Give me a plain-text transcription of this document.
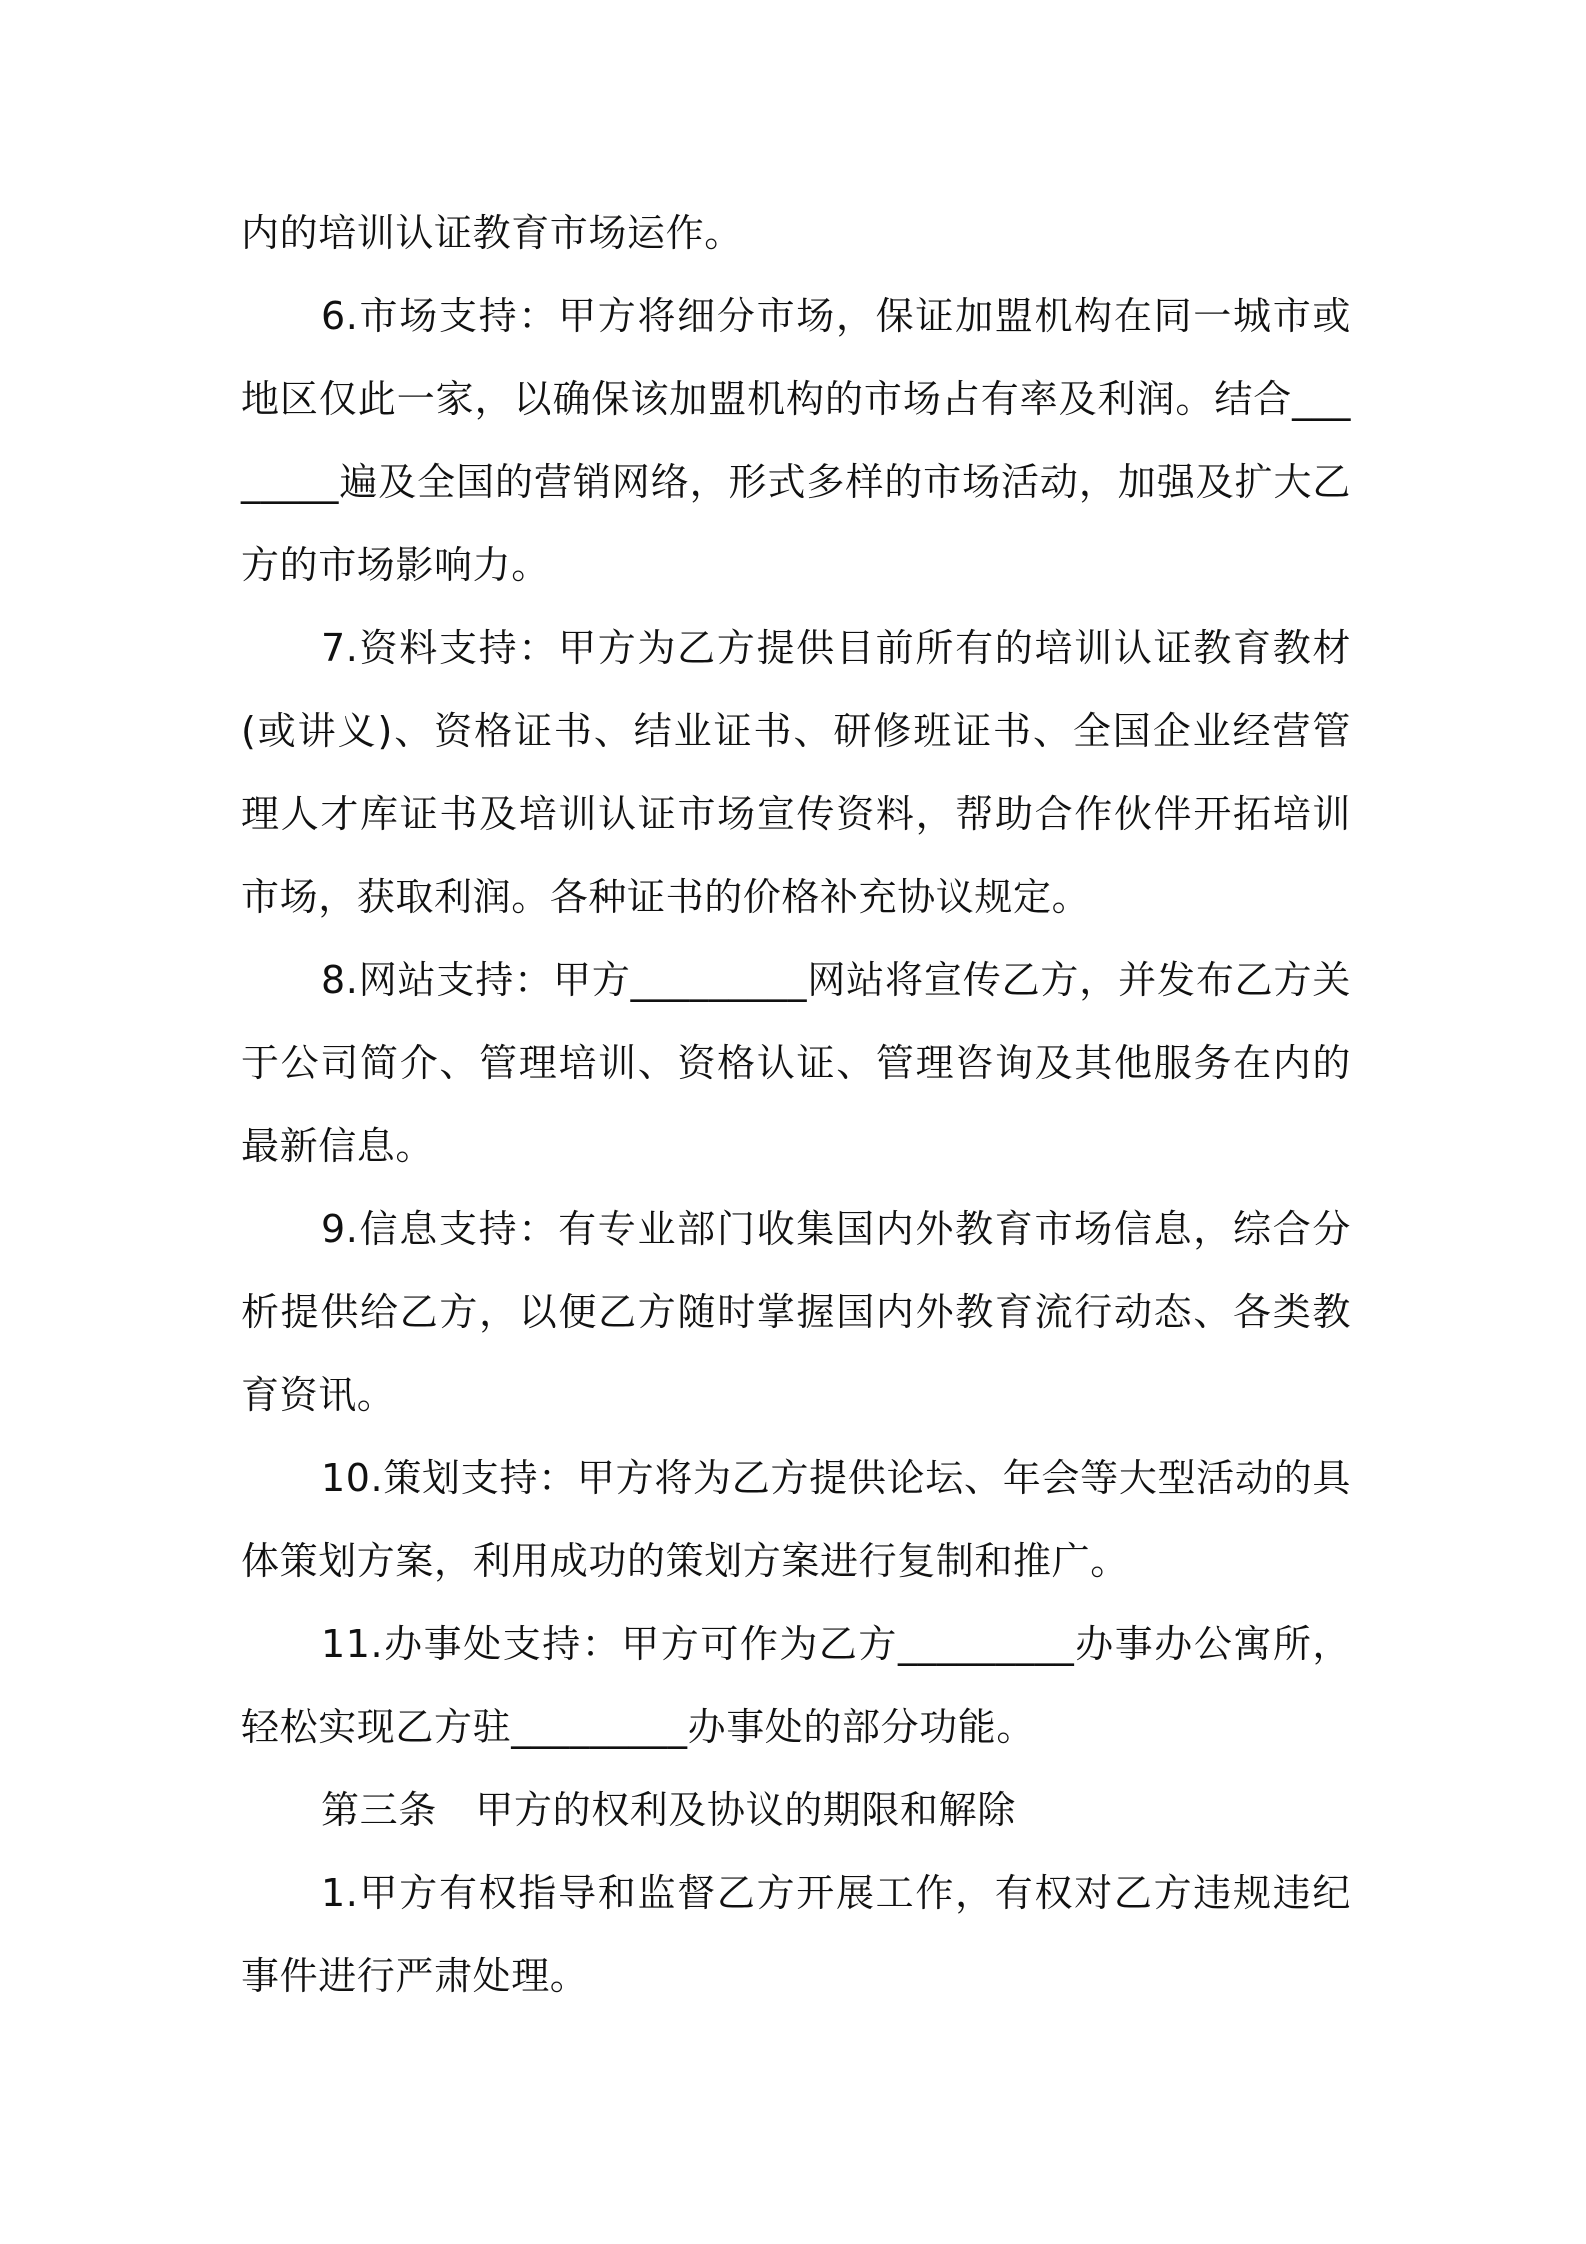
内的培训认证教育市场运作。

6.市场支持：甲方将细分市场，保证加盟机构在同一城市或地区仅此一家，以确保该加盟机构的市场占有率及利润。结合________遍及全国的营销网络，形式多样的市场活动，加强及扩大乙方的市场影响力。

7.资料支持：甲方为乙方提供目前所有的培训认证教育教材(或讲义)、资格证书、结业证书、研修班证书、全国企业经营管理人才库证书及培训认证市场宣传资料，帮助合作伙伴开拓培训市场，获取利润。各种证书的价格补充协议规定。

8.网站支持：甲方_________网站将宣传乙方，并发布乙方关于公司简介、管理培训、资格认证、管理咨询及其他服务在内的最新信息。

9.信息支持：有专业部门收集国内外教育市场信息，综合分析提供给乙方，以便乙方随时掌握国内外教育流行动态、各类教育资讯。

10.策划支持：甲方将为乙方提供论坛、年会等大型活动的具体策划方案，利用成功的策划方案进行复制和推广。

11.办事处支持：甲方可作为乙方_________办事办公寓所，轻松实现乙方驻_________办事处的部分功能。

第三条　甲方的权利及协议的期限和解除

1.甲方有权指导和监督乙方开展工作，有权对乙方违规违纪事件进行严肃处理。
